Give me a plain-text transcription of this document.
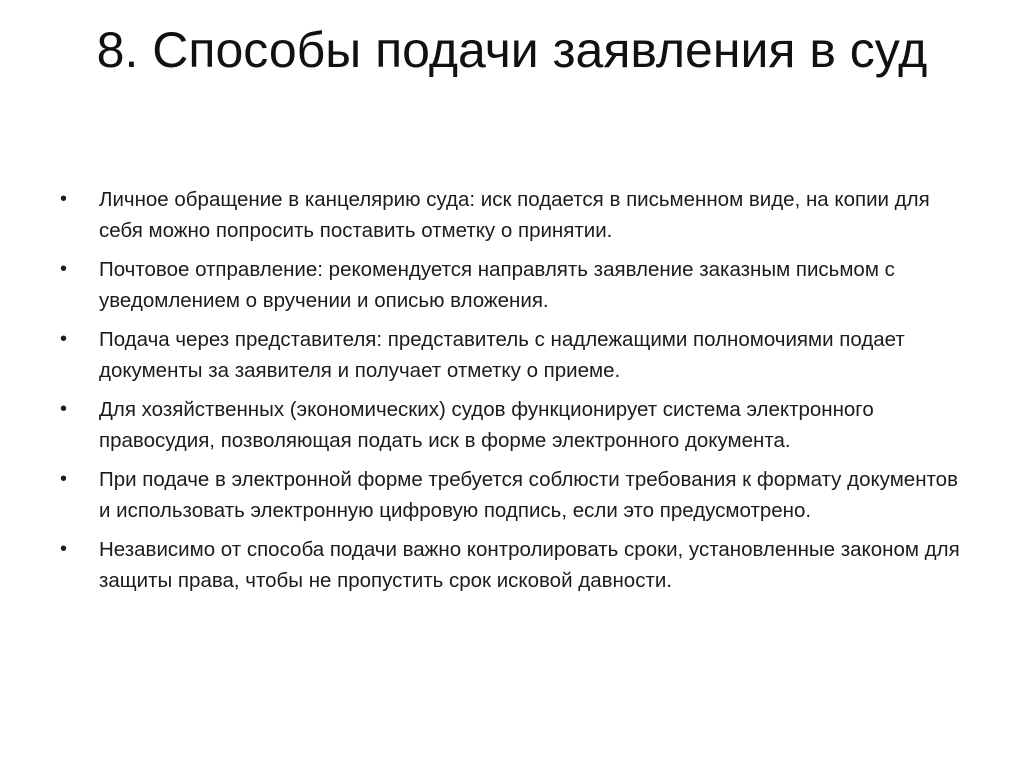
8. Способы подачи заявления в суд
•	Личное обращение в канцелярию суда: иск подается в письменном виде, на копии для себя можно попросить поставить отметку о принятии.
•	Почтовое отправление: рекомендуется направлять заявление заказным письмом с уведомлением о вручении и описью вложения.
•	Подача через представителя: представитель с надлежащими полномочиями подает документы за заявителя и получает отметку о приеме.
•	Для хозяйственных (экономических) судов функционирует система электронного правосудия, позволяющая подать иск в форме электронного документа.
•	При подаче в электронной форме требуется соблюсти требования к формату документов и использовать электронную цифровую подпись, если это предусмотрено.
•	Независимо от способа подачи важно контролировать сроки, установленные законом для защиты права, чтобы не пропустить срок исковой давности.
